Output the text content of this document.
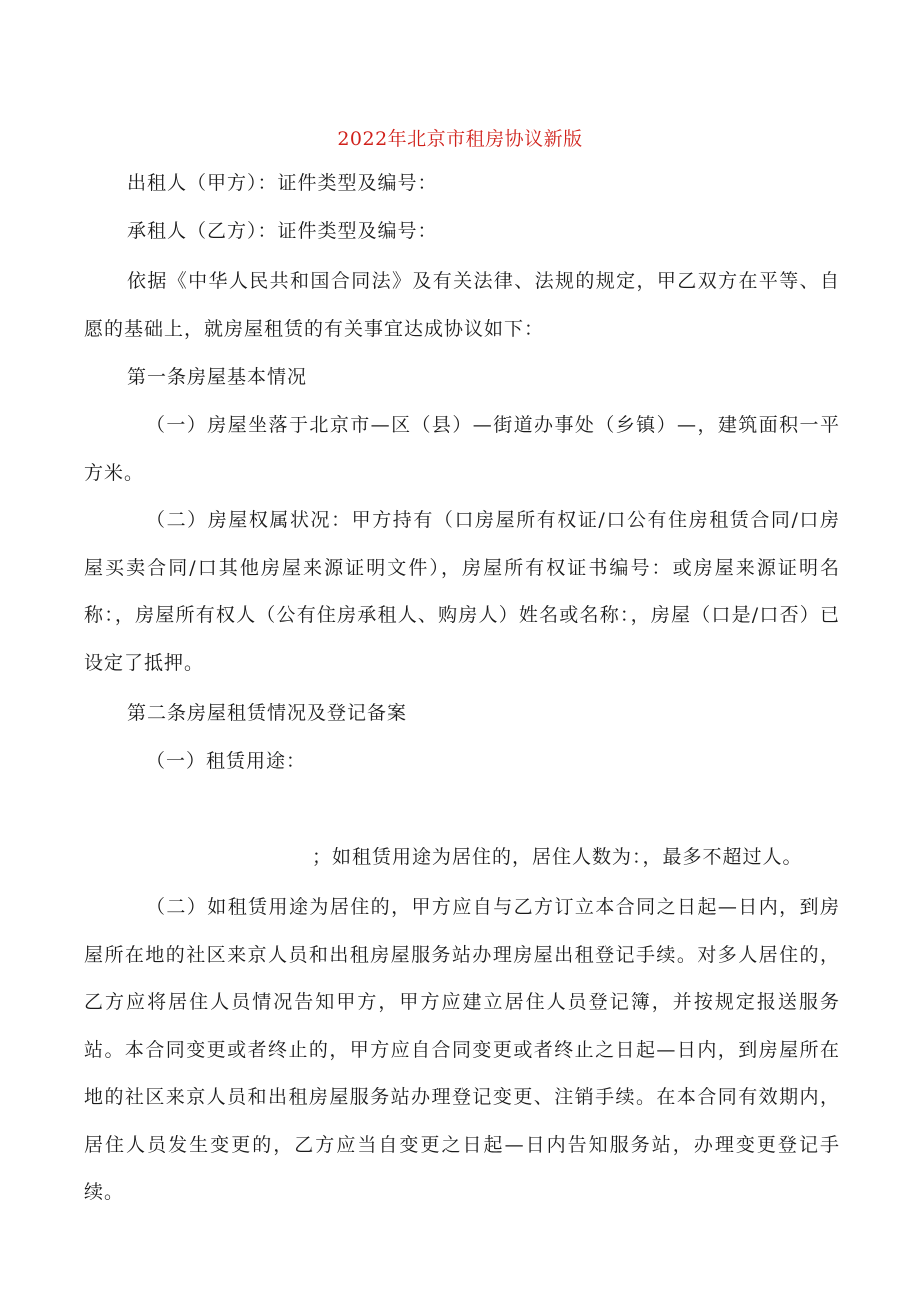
2022年北京市租房协议新版

出租人（甲方）：证件类型及编号：

承租人（乙方）：证件类型及编号：

依据《中华人民共和国合同法》及有关法律、法规的规定，甲乙双方在平等、自愿的基础上，就房屋租赁的有关事宜达成协议如下：

第一条房屋基本情况

（一）房屋坐落于北京市—区（县）—街道办事处（乡镇）—，建筑面积一平方米。

（二）房屋权属状况：甲方持有（口房屋所有权证/口公有住房租赁合同/口房屋买卖合同/口其他房屋来源证明文件），房屋所有权证书编号：或房屋来源证明名称：，房屋所有权人（公有住房承租人、购房人）姓名或名称：，房屋（口是/口否）已设定了抵押。

第二条房屋租赁情况及登记备案

（一）租赁用途：

；如租赁用途为居住的，居住人数为：，最多不超过人。

（二）如租赁用途为居住的，甲方应自与乙方订立本合同之日起—日内，到房屋所在地的社区来京人员和出租房屋服务站办理房屋出租登记手续。对多人居住的，乙方应将居住人员情况告知甲方，甲方应建立居住人员登记簿，并按规定报送服务站。本合同变更或者终止的，甲方应自合同变更或者终止之日起—日内，到房屋所在地的社区来京人员和出租房屋服务站办理登记变更、注销手续。在本合同有效期内，居住人员发生变更的，乙方应当自变更之日起—日内告知服务站，办理变更登记手续。
